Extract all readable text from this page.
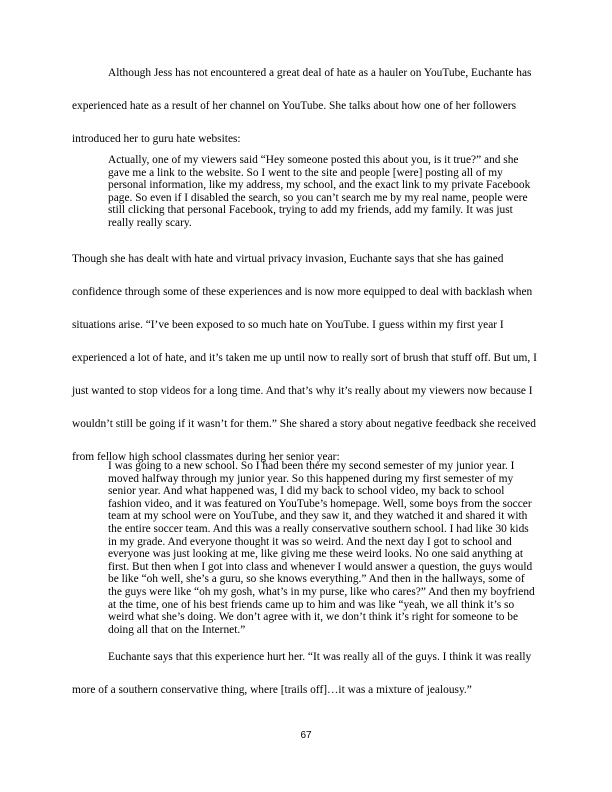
Although Jess has not encountered a great deal of hate as a hauler on YouTube, Euchante has experienced hate as a result of her channel on YouTube. She talks about how one of her followers introduced her to guru hate websites:

Actually, one of my viewers said “Hey someone posted this about you, is it true?” and she gave me a link to the website. So I went to the site and people [were] posting all of my personal information, like my address, my school, and the exact link to my private Facebook page. So even if I disabled the search, so you can’t search me by my real name, people were still clicking that personal Facebook, trying to add my friends, add my family. It was just really really scary.

Though she has dealt with hate and virtual privacy invasion, Euchante says that she has gained confidence through some of these experiences and is now more equipped to deal with backlash when situations arise. “I’ve been exposed to so much hate on YouTube. I guess within my first year I experienced a lot of hate, and it’s taken me up until now to really sort of brush that stuff off. But um, I just wanted to stop videos for a long time. And that’s why it’s really about my viewers now because I wouldn’t still be going if it wasn’t for them.” She shared a story about negative feedback she received from fellow high school classmates during her senior year:

I was going to a new school. So I had been there my second semester of my junior year. I moved halfway through my junior year. So this happened during my first semester of my senior year. And what happened was, I did my back to school video, my back to school fashion video, and it was featured on YouTube’s homepage. Well, some boys from the soccer team at my school were on YouTube, and they saw it, and they watched it and shared it with the entire soccer team. And this was a really conservative southern school. I had like 30 kids in my grade. And everyone thought it was so weird. And the next day I got to school and everyone was just looking at me, like giving me these weird looks. No one said anything at first. But then when I got into class and whenever I would answer a question, the guys would be like “oh well, she’s a guru, so she knows everything.” And then in the hallways, some of the guys were like “oh my gosh, what’s in my purse, like who cares?” And then my boyfriend at the time, one of his best friends came up to him and was like “yeah, we all think it’s so weird what she’s doing. We don’t agree with it, we don’t think it’s right for someone to be doing all that on the Internet.”

Euchante says that this experience hurt her. “It was really all of the guys. I think it was really more of a southern conservative thing, where [trails off]…it was a mixture of jealousy.”

67
